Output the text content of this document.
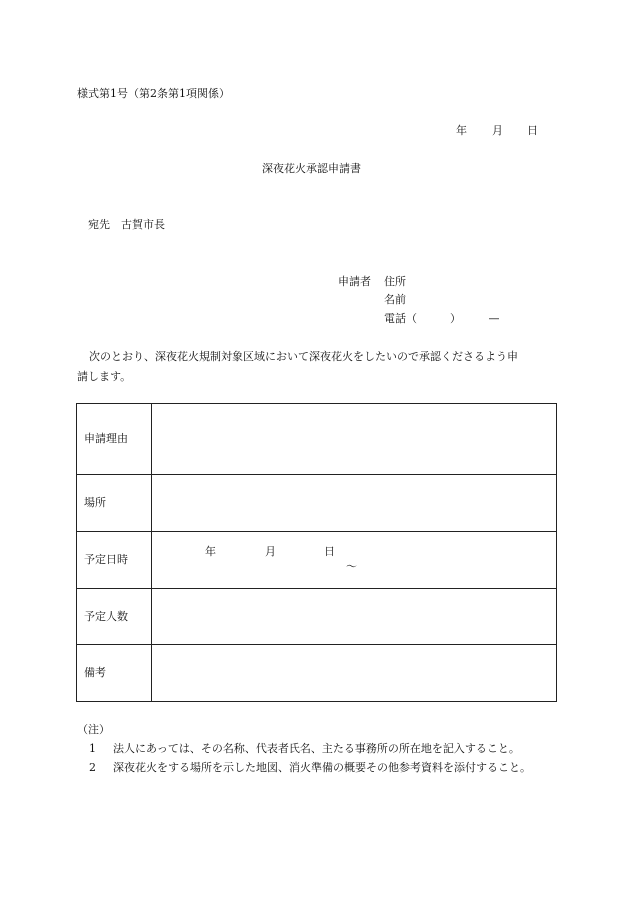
様式第1号（第2条第1項関係）
年 月 日
深夜花火承認申請書
宛先　古賀市長
申請者 住所
名前
電話（　　　）　　　—
次のとおり、深夜花火規制対象区域において深夜花火をしたいので承認くださるよう申
請します。
申請理由	
場所	
予定日時	年 月 日
〜

予定人数	
備考	
（注）
1 法人にあっては、その名称、代表者氏名、主たる事務所の所在地を記入すること。
2 深夜花火をする場所を示した地図、消火準備の概要その他参考資料を添付すること。
